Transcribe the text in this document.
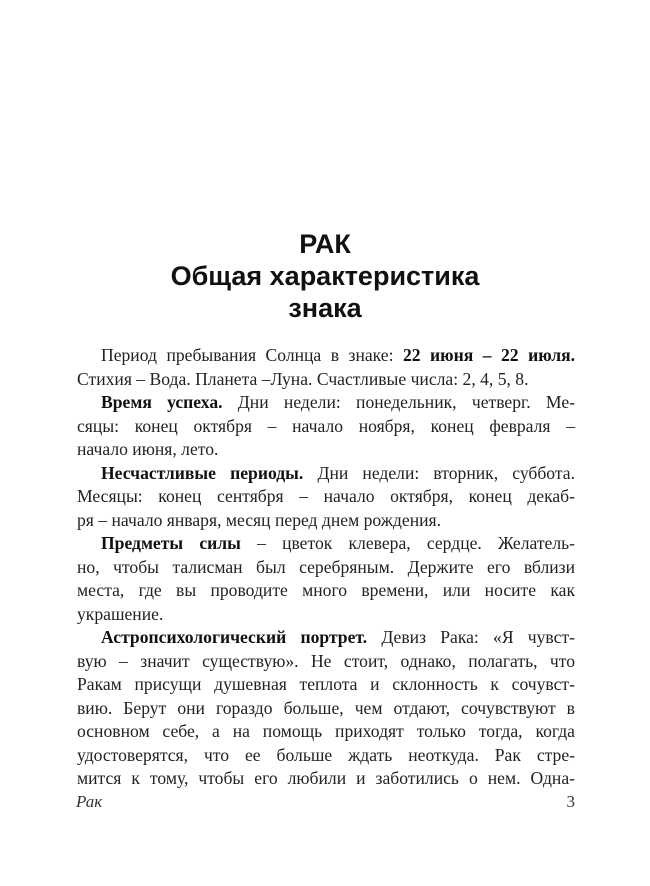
РАК
Общая характеристика
знака
Период пребывания Солнца в знаке: 22 июня – 22 июля.
Стихия – Вода. Планета –Луна. Счастливые числа: 2, 4, 5, 8.
Время успеха. Дни недели: понедельник, четверг. Ме-
сяцы: конец октября – начало ноября, конец февраля –
начало июня, лето.
Несчастливые периоды. Дни недели: вторник, суббота.
Месяцы: конец сентября – начало октября, конец декаб-
ря – начало января, месяц перед днем рождения.
Предметы силы – цветок клевера, сердце. Желатель-
но, чтобы талисман был серебряным. Держите его вблизи
места, где вы проводите много времени, или носите как
украшение.
Астропсихологический портрет. Девиз Рака: «Я чувст-
вую – значит существую». Не стоит, однако, полагать, что
Ракам присущи душевная теплота и склонность к сочувст-
вию. Берут они гораздо больше, чем отдают, сочувствуют в
основном себе, а на помощь приходят только тогда, когда
удостоверятся, что ее больше ждать неоткуда. Рак стре-
мится к тому, чтобы его любили и заботились о нем. Одна-
Рак	3
